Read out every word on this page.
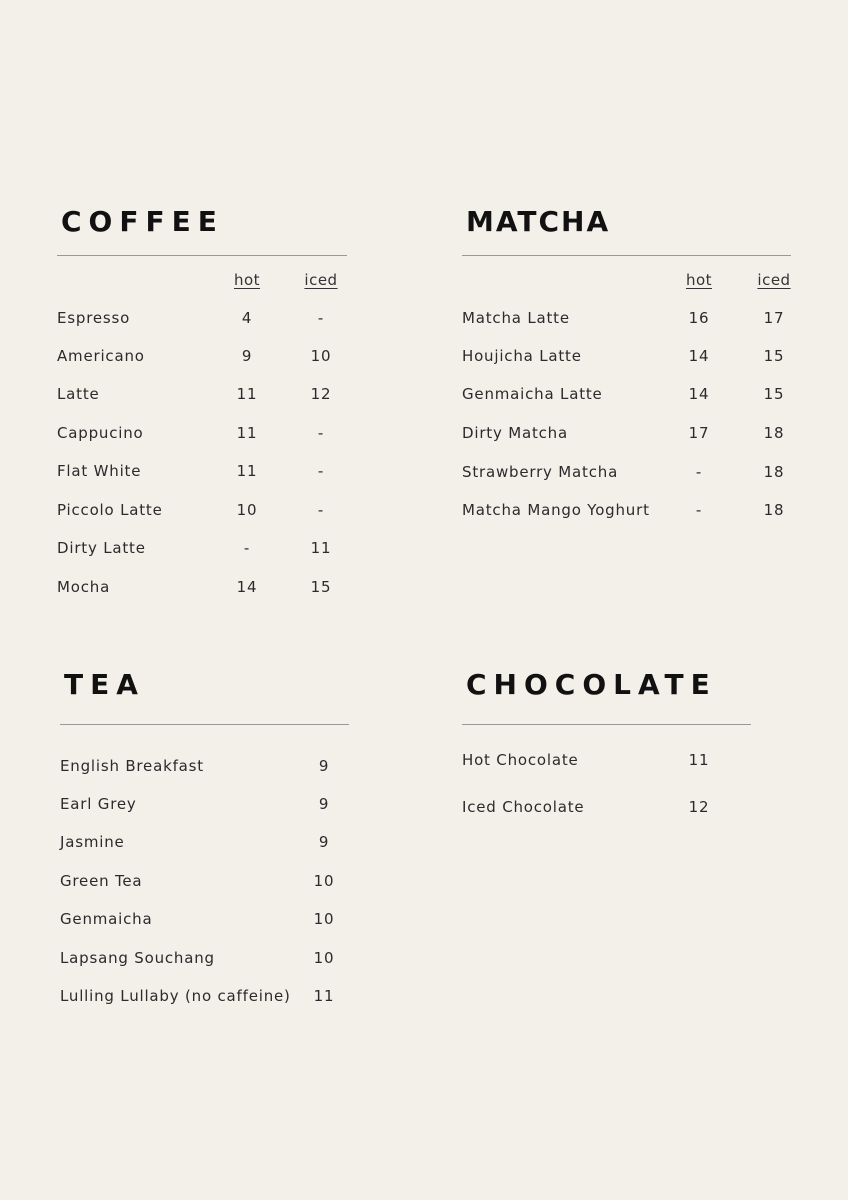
COFFEE
hot	iced
Espresso	4	-
Americano	9	10
Latte	11	12
Cappucino	11	-
Flat White	11	-
Piccolo Latte	10	-
Dirty Latte	-	11
Mocha	14	15
MATCHA
hot	iced
Matcha Latte	16	17
Houjicha Latte	14	15
Genmaicha Latte	14	15
Dirty Matcha	17	18
Strawberry Matcha	-	18
Matcha Mango Yoghurt	-	18
TEA
English Breakfast	9
Earl Grey	9
Jasmine	9
Green Tea	10
Genmaicha	10
Lapsang Souchang	10
Lulling Lullaby (no caffeine) 11
CHOCOLATE
Hot Chocolate	11
Iced Chocolate	12
